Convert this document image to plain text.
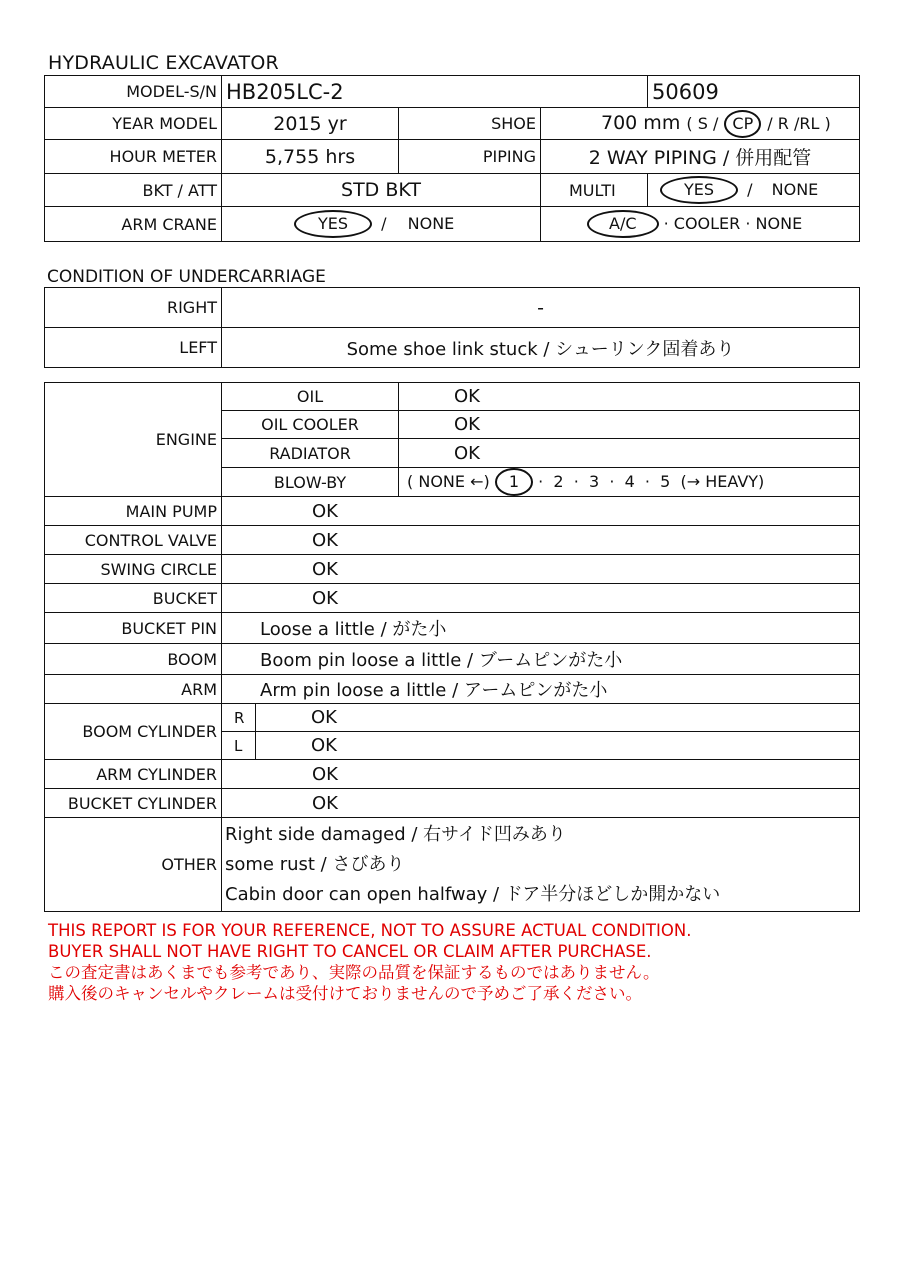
HYDRAULIC EXCAVATOR
MODEL-S/N	HB205LC-2			50609
YEAR MODEL	2015 yr	SHOE	700 mm ( S / CP / R /RL )	
HOUR METER	5,755 hrs	PIPING	2 WAY PIPING / 併用配管	
BKT / ATT	STD BKT		MULTI	YES / NONE
ARM CRANE	YES / NONE		A/C · COOLER · NONE	
CONDITION OF UNDERCARRIAGE
RIGHT	-
LEFT	Some shoe link stuck / シューリンク固着あり
ENGINE	OIL		OK
	OIL COOLER		OK
	RADIATOR		OK
	BLOW-BY		( NONE ←) 1 ·  2  ·  3  ·  4  ·  5  (→ HEAVY)
MAIN PUMP	OK		
CONTROL VALVE	OK		
SWING CIRCLE	OK		
BUCKET	OK		
BUCKET PIN	Loose a little / がた小		
BOOM	Boom pin loose a little / ブームピンがた小		
ARM	Arm pin loose a little / アームピンがた小		
BOOM CYLINDER	R	OK	
	L	OK	
ARM CYLINDER	OK		
BUCKET CYLINDER	OK		
OTHER	Right side damaged / 右サイド凹みあり
some rust / さびあり
Cabin door can open halfway / ドア半分ほどしか開かない		
THIS REPORT IS FOR YOUR REFERENCE, NOT TO ASSURE ACTUAL CONDITION.
BUYER SHALL NOT HAVE RIGHT TO CANCEL OR CLAIM AFTER PURCHASE.
この査定書はあくまでも参考であり、実際の品質を保証するものではありません。
購入後のキャンセルやクレームは受付けておりませんので予めご了承ください。
